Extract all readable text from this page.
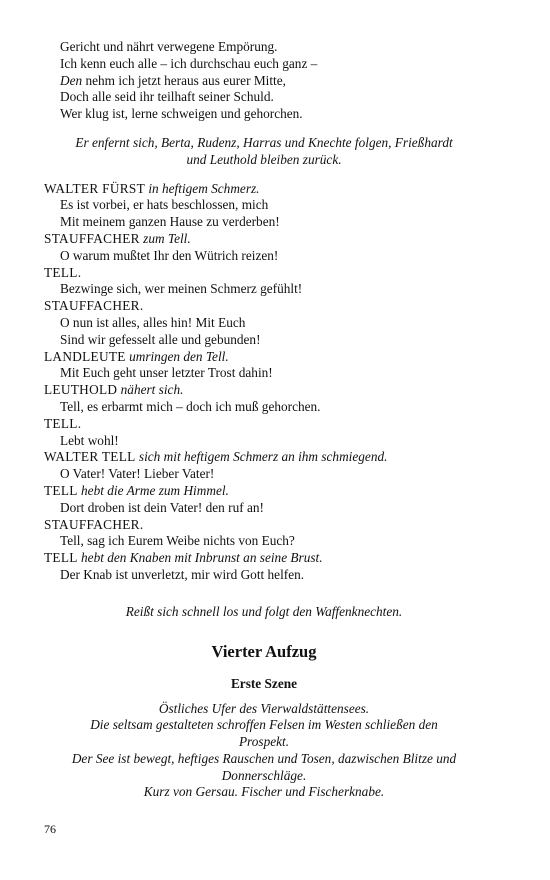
Gericht und nährt verwegene Empörung.
Ich kenn euch alle – ich durchschau euch ganz –
Den nehm ich jetzt heraus aus eurer Mitte,
Doch alle seid ihr teilhaft seiner Schuld.
Wer klug ist, lerne schweigen und gehorchen.
Er enfernt sich, Berta, Rudenz, Harras und Knechte folgen, Frießhardt
und Leuthold bleiben zurück.
WALTER FÜRST in heftigem Schmerz.
Es ist vorbei, er hats beschlossen, mich
Mit meinem ganzen Hause zu verderben!
STAUFFACHER zum Tell.
O warum mußtet Ihr den Wütrich reizen!
TELL.
Bezwinge sich, wer meinen Schmerz gefühlt!
STAUFFACHER.
O nun ist alles, alles hin! Mit Euch
Sind wir gefesselt alle und gebunden!
LANDLEUTE umringen den Tell.
Mit Euch geht unser letzter Trost dahin!
LEUTHOLD nähert sich.
Tell, es erbarmt mich – doch ich muß gehorchen.
TELL.
Lebt wohl!
WALTER TELL sich mit heftigem Schmerz an ihm schmiegend.
O Vater! Vater! Lieber Vater!
TELL hebt die Arme zum Himmel.
Dort droben ist dein Vater! den ruf an!
STAUFFACHER.
Tell, sag ich Eurem Weibe nichts von Euch?
TELL hebt den Knaben mit Inbrunst an seine Brust.
Der Knab ist unverletzt, mir wird Gott helfen.
Reißt sich schnell los und folgt den Waffenknechten.
Vierter Aufzug
Erste Szene
Östliches Ufer des Vierwaldstättensees.
Die seltsam gestalteten schroffen Felsen im Westen schließen den
Prospekt.
Der See ist bewegt, heftiges Rauschen und Tosen, dazwischen Blitze und
Donnerschläge.
Kurz von Gersau. Fischer und Fischerknabe.
76
